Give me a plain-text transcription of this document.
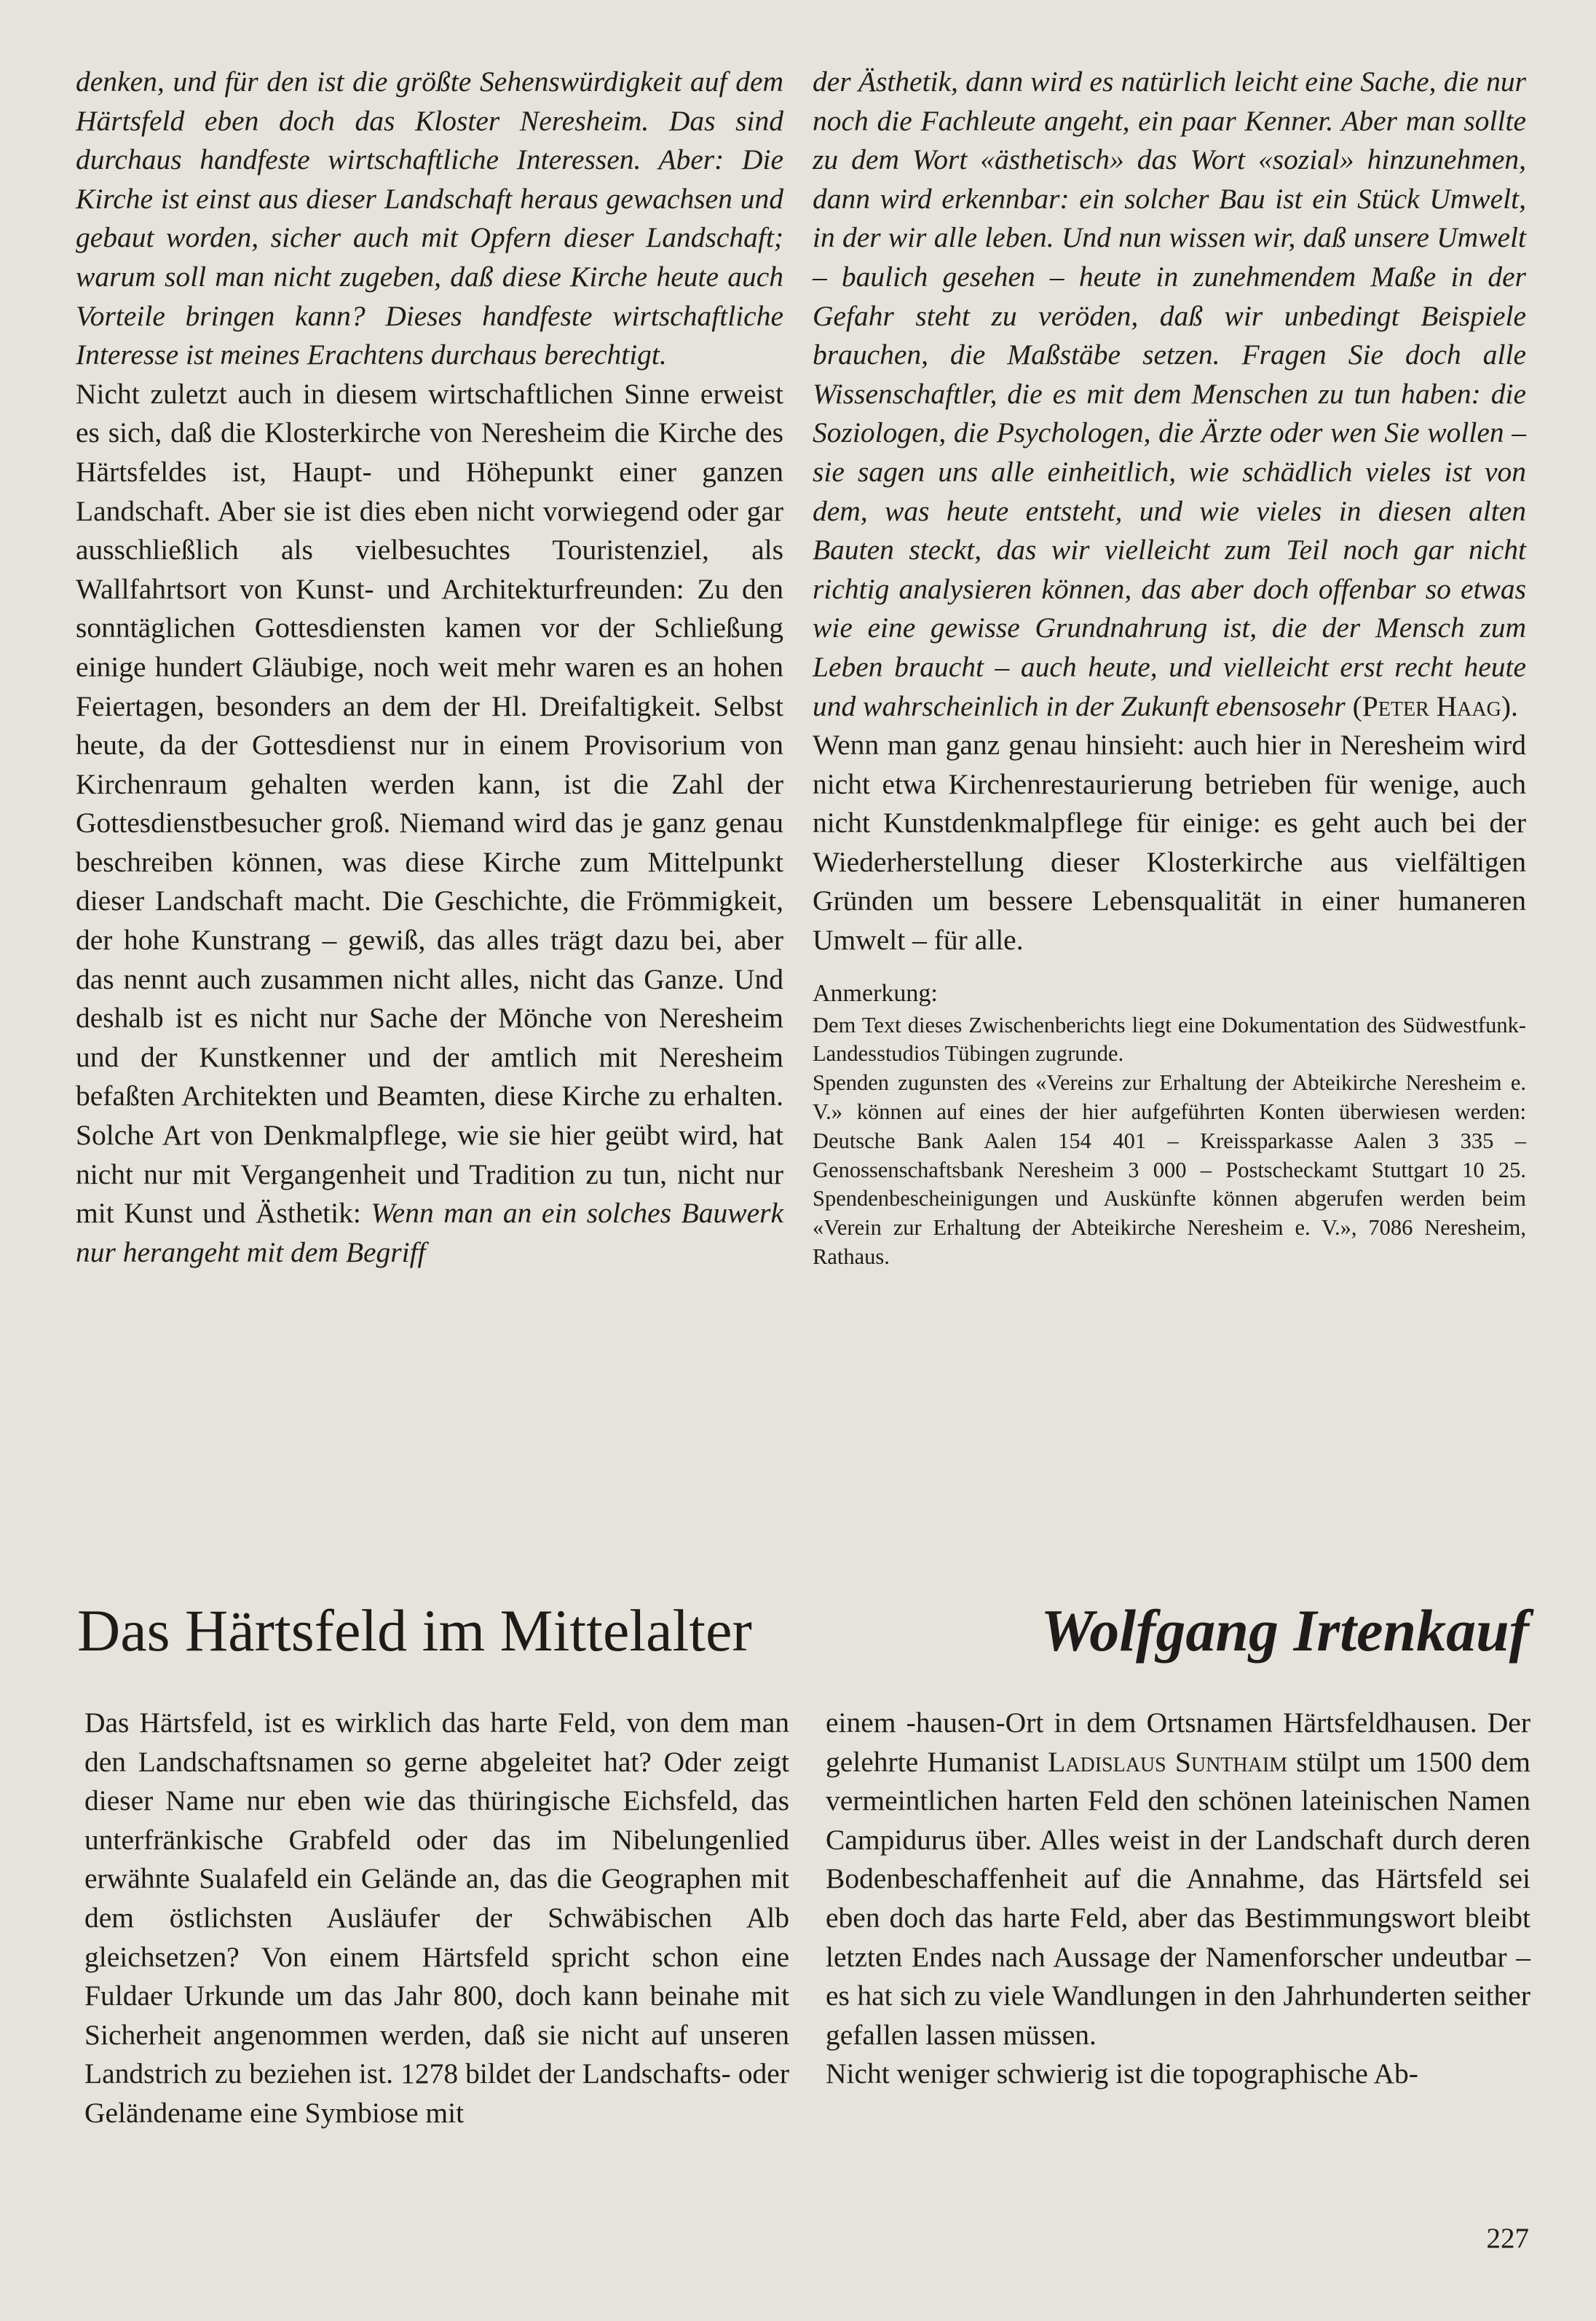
denken, und für den ist die größte Sehenswürdigkeit auf dem Härtsfeld eben doch das Kloster Neresheim. Das sind durchaus handfeste wirtschaftliche Interessen. Aber: Die Kirche ist einst aus dieser Landschaft heraus gewachsen und gebaut worden, sicher auch mit Opfern dieser Landschaft; warum soll man nicht zugeben, daß diese Kirche heute auch Vorteile bringen kann? Dieses handfeste wirtschaftliche Interesse ist meines Erachtens durchaus berechtigt.

Nicht zuletzt auch in diesem wirtschaftlichen Sinne erweist es sich, daß die Klosterkirche von Neresheim die Kirche des Härtsfeldes ist, Haupt- und Höhepunkt einer ganzen Landschaft. Aber sie ist dies eben nicht vorwiegend oder gar ausschließlich als vielbesuchtes Touristenziel, als Wallfahrtsort von Kunst- und Architekturfreunden: Zu den sonntäglichen Gottesdiensten kamen vor der Schließung einige hundert Gläubige, noch weit mehr waren es an hohen Feiertagen, besonders an dem der Hl. Dreifaltigkeit. Selbst heute, da der Gottesdienst nur in einem Provisorium von Kirchenraum gehalten werden kann, ist die Zahl der Gottesdienstbesucher groß. Niemand wird das je ganz genau beschreiben können, was diese Kirche zum Mittelpunkt dieser Landschaft macht. Die Geschichte, die Frömmigkeit, der hohe Kunstrang – gewiß, das alles trägt dazu bei, aber das nennt auch zusammen nicht alles, nicht das Ganze. Und deshalb ist es nicht nur Sache der Mönche von Neresheim und der Kunstkenner und der amtlich mit Neresheim befaßten Architekten und Beamten, diese Kirche zu erhalten. Solche Art von Denkmalpflege, wie sie hier geübt wird, hat nicht nur mit Vergangenheit und Tradition zu tun, nicht nur mit Kunst und Ästhetik: Wenn man an ein solches Bauwerk nur herangeht mit dem Begriff

der Ästhetik, dann wird es natürlich leicht eine Sache, die nur noch die Fachleute angeht, ein paar Kenner. Aber man sollte zu dem Wort «ästhetisch» das Wort «sozial» hinzunehmen, dann wird erkennbar: ein solcher Bau ist ein Stück Umwelt, in der wir alle leben. Und nun wissen wir, daß unsere Umwelt – baulich gesehen – heute in zunehmendem Maße in der Gefahr steht zu veröden, daß wir unbedingt Beispiele brauchen, die Maßstäbe setzen. Fragen Sie doch alle Wissenschaftler, die es mit dem Menschen zu tun haben: die Soziologen, die Psychologen, die Ärzte oder wen Sie wollen – sie sagen uns alle einheitlich, wie schädlich vieles ist von dem, was heute entsteht, und wie vieles in diesen alten Bauten steckt, das wir vielleicht zum Teil noch gar nicht richtig analysieren können, das aber doch offenbar so etwas wie eine gewisse Grundnahrung ist, die der Mensch zum Leben braucht – auch heute, und vielleicht erst recht heute und wahrscheinlich in der Zukunft ebensosehr (Peter Haag).

Wenn man ganz genau hinsieht: auch hier in Neresheim wird nicht etwa Kirchenrestaurierung betrieben für wenige, auch nicht Kunstdenkmalpflege für einige: es geht auch bei der Wiederherstellung dieser Klosterkirche aus vielfältigen Gründen um bessere Lebensqualität in einer humaneren Umwelt – für alle.

Anmerkung:

Dem Text dieses Zwischenberichts liegt eine Dokumentation des Südwestfunk-Landesstudios Tübingen zugrunde.
Spenden zugunsten des «Vereins zur Erhaltung der Abteikirche Neresheim e. V.» können auf eines der hier aufgeführten Konten überwiesen werden: Deutsche Bank Aalen 154 401 – Kreissparkasse Aalen 3 335 – Genossenschaftsbank Neresheim 3 000 – Postscheckamt Stuttgart 10 25. Spendenbescheinigungen und Auskünfte können abgerufen werden beim «Verein zur Erhaltung der Abteikirche Neresheim e. V.», 7086 Neresheim, Rathaus.
Das Härtsfeld im Mittelalter	Wolfgang Irtenkauf

Das Härtsfeld, ist es wirklich das harte Feld, von dem man den Landschaftsnamen so gerne abgeleitet hat? Oder zeigt dieser Name nur eben wie das thüringische Eichsfeld, das unterfränkische Grabfeld oder das im Nibelungenlied erwähnte Sualafeld ein Gelände an, das die Geographen mit dem östlichsten Ausläufer der Schwäbischen Alb gleichsetzen? Von einem Härtsfeld spricht schon eine Fuldaer Urkunde um das Jahr 800, doch kann beinahe mit Sicherheit angenommen werden, daß sie nicht auf unseren Landstrich zu beziehen ist. 1278 bildet der Landschafts- oder Geländename eine Symbiose mit

einem -hausen-Ort in dem Ortsnamen Härtsfeldhausen. Der gelehrte Humanist Ladislaus Sunthaim stülpt um 1500 dem vermeintlichen harten Feld den schönen lateinischen Namen Campidurus über. Alles weist in der Landschaft durch deren Bodenbeschaffenheit auf die Annahme, das Härtsfeld sei eben doch das harte Feld, aber das Bestimmungswort bleibt letzten Endes nach Aussage der Namenforscher undeutbar – es hat sich zu viele Wandlungen in den Jahrhunderten seither gefallen lassen müssen.

Nicht weniger schwierig ist die topographische Ab-

227
